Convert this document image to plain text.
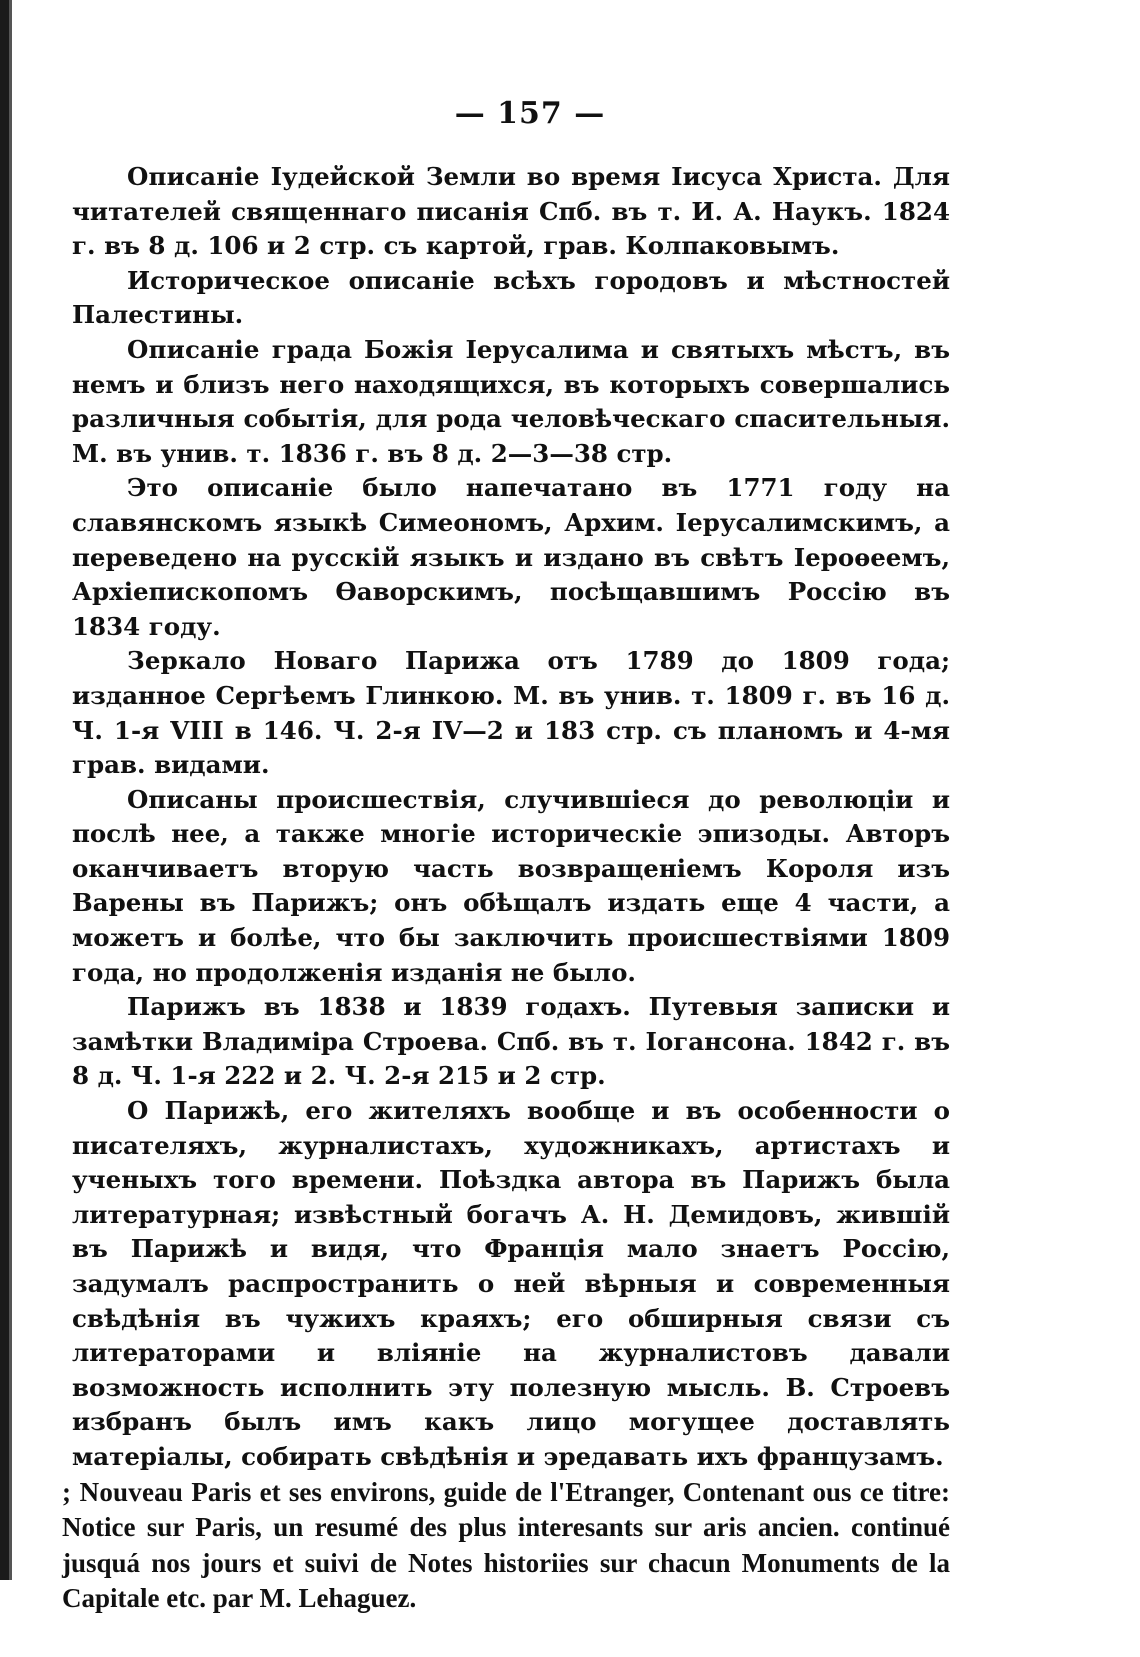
— 157 —

Описаніе Іудейской Земли во время Іисуса Христа. Для читателей священнаго писанія Спб. въ т. И. А. Наукъ. 1824 г. въ 8 д. 106 и 2 стр. съ картой, грав. Колпаковымъ.

Историческое описаніе всѣхъ городовъ и мѣстностей Палестины.

Описаніе града Божія Іерусалима и святыхъ мѣстъ, въ немъ и близъ него находящихся, въ которыхъ совершались различныя событія, для рода человѣческаго спасительныя. М. въ унив. т. 1836 г. въ 8 д. 2—3—38 стр.

Это описаніе было напечатано въ 1771 году на славянскомъ языкѣ Симеономъ, Архим. Іерусалимскимъ, а переведено на русскій языкъ и издано въ свѣтъ Іероѳеемъ, Архіепископомъ Ѳаворскимъ, посѣщавшимъ Россію въ 1834 году.

Зеркало Новаго Парижа отъ 1789 до 1809 года; изданное Сергѣемъ Глинкою. М. въ унив. т. 1809 г. въ 16 д. Ч. 1-я VIII в 146. Ч. 2-я IV—2 и 183 стр. съ планомъ и 4-мя грав. видами.

Описаны происшествія, случившіеся до революціи и послѣ нее, а также многіе историческіе эпизоды. Авторъ оканчиваетъ вторую часть возвращеніемъ Короля изъ Варены въ Парижъ; онъ обѣщалъ издать еще 4 части, а можетъ и болѣе, что бы заключить происшествіями 1809 года, но продолженія изданія не было.

Парижъ въ 1838 и 1839 годахъ. Путевыя записки и замѣтки Владиміра Строева. Спб. въ т. Іогансона. 1842 г. въ 8 д. Ч. 1-я 222 и 2. Ч. 2-я 215 и 2 стр.

О Парижѣ, его жителяхъ вообще и въ особенности о писателяхъ, журналистахъ, художникахъ, артистахъ и ученыхъ того времени. Поѣздка автора въ Парижъ была литературная; извѣстный богачъ А. Н. Демидовъ, жившій въ Парижѣ и видя, что Франція мало знаетъ Россію, задумалъ распространить о ней вѣрныя и современныя свѣдѣнія въ чужихъ краяхъ; его обширныя связи съ литераторами и вліяніе на журналистовъ давали возможность исполнить эту полезную мысль. В. Строевъ избранъ былъ имъ какъ лицо могущее доставлять матеріалы, собирать свѣдѣнія и эредавать ихъ французамъ.

; Nouveau Paris et ses environs, guide de l'Etranger, Contenant ous ce titre: Notice sur Paris, un resumé des plus interesants sur aris ancien. continué jusquá nos jours et suivi de Notes historiies sur chacun Monuments de la Capitale etc. par M. Lehaguez.
